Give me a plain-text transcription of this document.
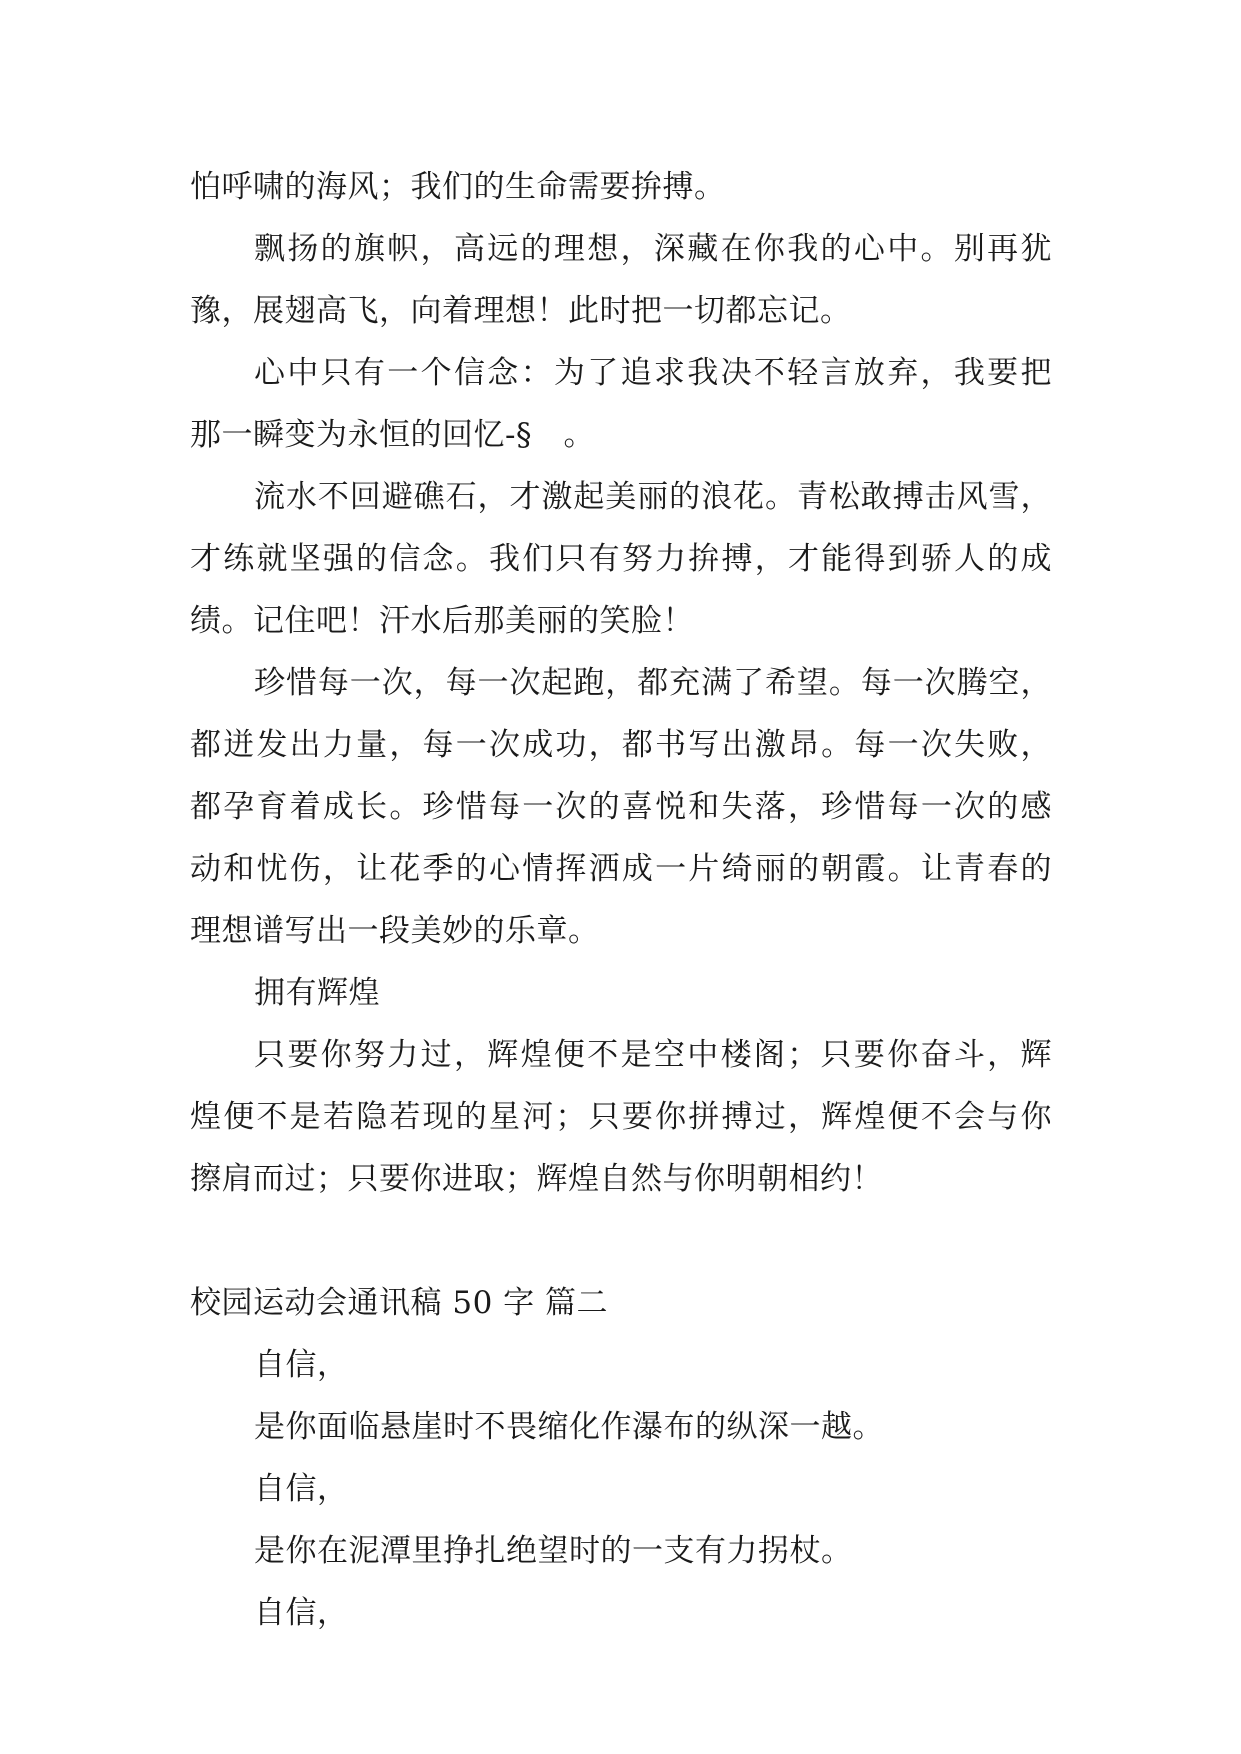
怕呼啸的海风；我们的生命需要拚搏。
飘扬的旗帜，高远的理想，深藏在你我的心中。别再犹
豫，展翅高飞，向着理想！此时把一切都忘记。
心中只有一个信念：为了追求我决不轻言放弃，我要把
那一瞬变为永恒的回忆-§　。
流水不回避礁石，才激起美丽的浪花。青松敢搏击风雪，
才练就坚强的信念。我们只有努力拚搏，才能得到骄人的成
绩。记住吧！汗水后那美丽的笑脸！
珍惜每一次，每一次起跑，都充满了希望。每一次腾空，
都迸发出力量，每一次成功，都书写出激昂。每一次失败，
都孕育着成长。珍惜每一次的喜悦和失落，珍惜每一次的感
动和忧伤，让花季的心情挥洒成一片绮丽的朝霞。让青春的
理想谱写出一段美妙的乐章。
拥有辉煌
只要你努力过，辉煌便不是空中楼阁；只要你奋斗，辉
煌便不是若隐若现的星河；只要你拼搏过，辉煌便不会与你
擦肩而过；只要你进取；辉煌自然与你明朝相约！
校园运动会通讯稿 50 字 篇二
自信，
是你面临悬崖时不畏缩化作瀑布的纵深一越。
自信，
是你在泥潭里挣扎绝望时的一支有力拐杖。
自信，
